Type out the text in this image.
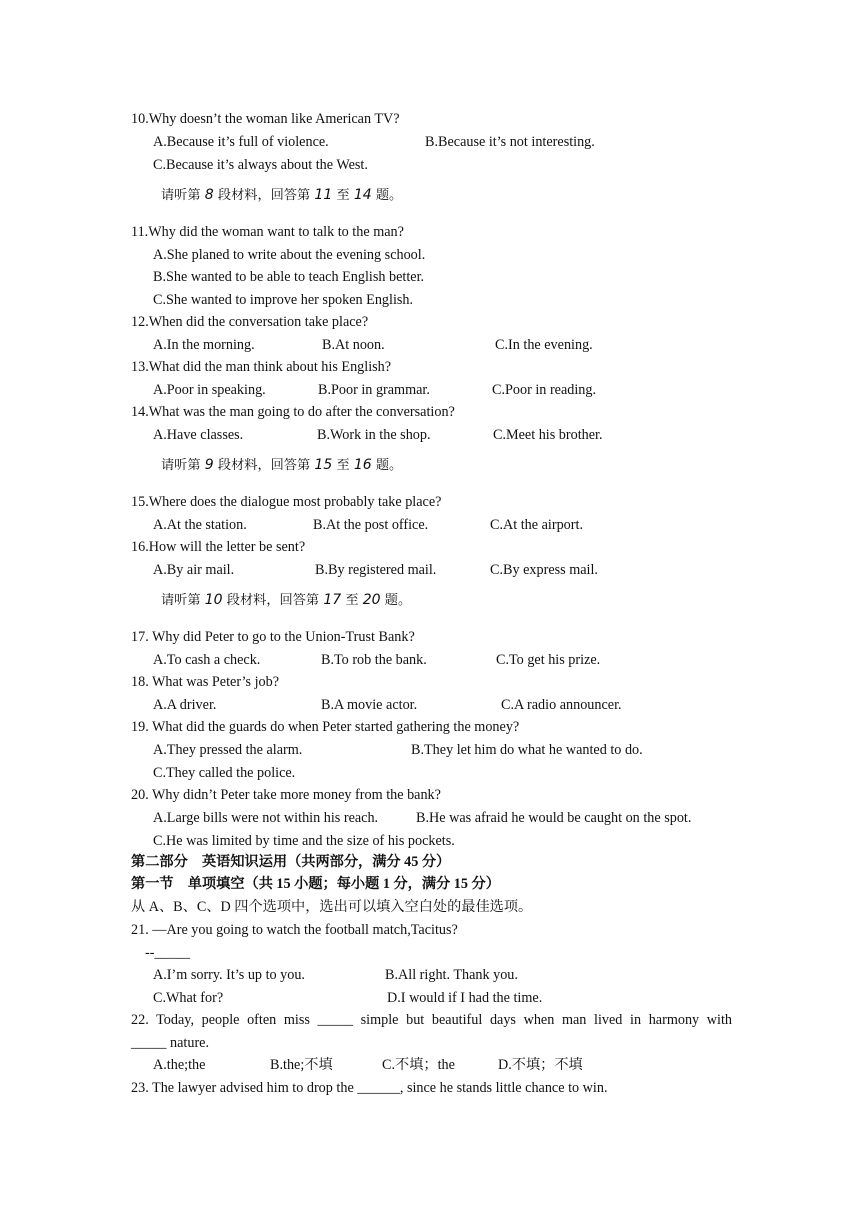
10.Why doesn’t the woman like American TV?
A.Because it’s full of violence.	B.Because it’s not interesting.
C.Because it’s always about the West.
请听第 8 段材料，回答第 11 至 14 题。
11.Why did the woman want to talk to the man?
A.She planed to write about the evening school.
B.She wanted to be able to teach English better.
C.She wanted to improve her spoken English.
12.When did the conversation take place?
A.In the morning.	B.At noon.	C.In the evening.
13.What did the man think about his English?
A.Poor in speaking.	B.Poor in grammar.	C.Poor in reading.
14.What was the man going to do after the conversation?
A.Have classes.	B.Work in the shop.	C.Meet his brother.
请听第 9 段材料，回答第 15 至 16 题。
15.Where does the dialogue most probably take place?
A.At the station.	B.At the post office.	C.At the airport.
16.How will the letter be sent?
A.By air mail.	B.By registered mail.	C.By express mail.
请听第 10 段材料，回答第 17 至 20 题。
17. Why did Peter to go to the Union-Trust Bank?
A.To cash a check.	B.To rob the bank.	C.To get his prize.
18. What was Peter’s job?
A.A driver.	B.A movie actor.	C.A radio announcer.
19. What did the guards do when Peter started gathering the money?
A.They pressed the alarm.	B.They let him do what he wanted to do.
C.They called the police.
20. Why didn’t Peter take more money from the bank?
A.Large bills were not within his reach.	B.He was afraid he would be caught on the spot.
C.He was limited by time and the size of his pockets.
第二部分    英语知识运用（共两部分，满分 45 分）
第一节    单项填空（共 15 小题；每小题 1 分，满分 15 分）
从 A、B、C、D 四个选项中，选出可以填入空白处的最佳选项。
21. —Are you going to watch the football match,Tacitus?
--_____
A.I’m sorry. It’s up to you.	B.All right. Thank you.
C.What for?	D.I would if I had the time.
22. Today, people often miss _____ simple but beautiful days when man lived in harmony with
_____ nature.
A.the;the	B.the;不填	C.不填；the	D.不填；不填
23. The lawyer advised him to drop the ______, since he stands little chance to win.
